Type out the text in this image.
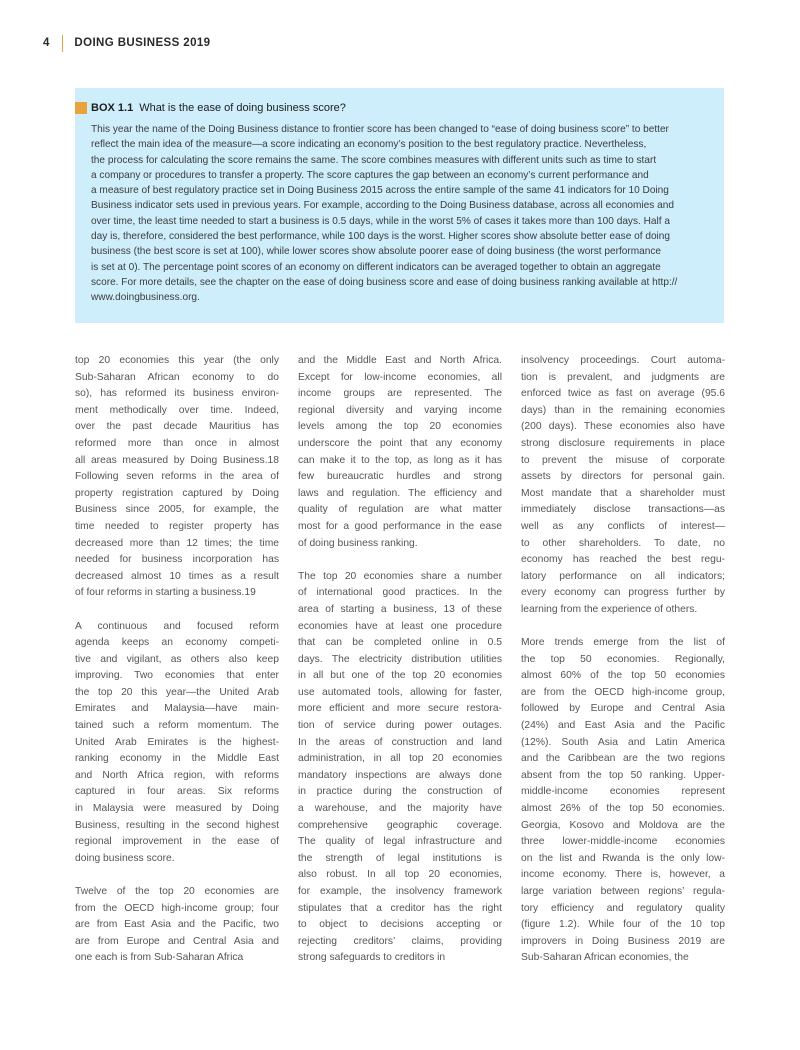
4 DOING BUSINESS 2019
BOX 1.1 What is the ease of doing business score?
This year the name of the Doing Business distance to frontier score has been changed to “ease of doing business score” to better
reflect the main idea of the measure—a score indicating an economy’s position to the best regulatory practice. Nevertheless,
the process for calculating the score remains the same. The score combines measures with different units such as time to start
a company or procedures to transfer a property. The score captures the gap between an economy’s current performance and
a measure of best regulatory practice set in Doing Business 2015 across the entire sample of the same 41 indicators for 10 Doing
Business indicator sets used in previous years. For example, according to the Doing Business database, across all economies and
over time, the least time needed to start a business is 0.5 days, while in the worst 5% of cases it takes more than 100 days. Half a
day is, therefore, considered the best performance, while 100 days is the worst. Higher scores show absolute better ease of doing
business (the best score is set at 100), while lower scores show absolute poorer ease of doing business (the worst performance
is set at 0). The percentage point scores of an economy on different indicators can be averaged together to obtain an aggregate
score. For more details, see the chapter on the ease of doing business score and ease of doing business ranking available at http://
www.doingbusiness.org.
top 20 economies this year (the only
Sub-Saharan African economy to do
so), has reformed its business environ-
ment methodically over time. Indeed,
over the past decade Mauritius has
reformed more than once in almost
all areas measured by Doing Business.18
Following seven reforms in the area of
property registration captured by Doing
Business since 2005, for example, the
time needed to register property has
decreased more than 12 times; the time
needed for business incorporation has
decreased almost 10 times as a result
of four reforms in starting a business.19
A continuous and focused reform
agenda keeps an economy competi-
tive and vigilant, as others also keep
improving. Two economies that enter
the top 20 this year—the United Arab
Emirates and Malaysia—have main-
tained such a reform momentum. The
United Arab Emirates is the highest-
ranking economy in the Middle East
and North Africa region, with reforms
captured in four areas. Six reforms
in Malaysia were measured by Doing
Business, resulting in the second highest
regional improvement in the ease of
doing business score.
Twelve of the top 20 economies are
from the OECD high-income group; four
are from East Asia and the Pacific, two
are from Europe and Central Asia and
one each is from Sub-Saharan Africa
and the Middle East and North Africa.
Except for low-income economies, all
income groups are represented. The
regional diversity and varying income
levels among the top 20 economies
underscore the point that any economy
can make it to the top, as long as it has
few bureaucratic hurdles and strong
laws and regulation. The efficiency and
quality of regulation are what matter
most for a good performance in the ease
of doing business ranking.
The top 20 economies share a number
of international good practices. In the
area of starting a business, 13 of these
economies have at least one procedure
that can be completed online in 0.5
days. The electricity distribution utilities
in all but one of the top 20 economies
use automated tools, allowing for faster,
more efficient and more secure restora-
tion of service during power outages.
In the areas of construction and land
administration, in all top 20 economies
mandatory inspections are always done
in practice during the construction of
a warehouse, and the majority have
comprehensive geographic coverage.
The quality of legal infrastructure and
the strength of legal institutions is
also robust. In all top 20 economies,
for example, the insolvency framework
stipulates that a creditor has the right
to object to decisions accepting or
rejecting creditors’ claims, providing
strong safeguards to creditors in
insolvency proceedings. Court automa-
tion is prevalent, and judgments are
enforced twice as fast on average (95.6
days) than in the remaining economies
(200 days). These economies also have
strong disclosure requirements in place
to prevent the misuse of corporate
assets by directors for personal gain.
Most mandate that a shareholder must
immediately disclose transactions—as
well as any conflicts of interest—
to other shareholders. To date, no
economy has reached the best regu-
latory performance on all indicators;
every economy can progress further by
learning from the experience of others.
More trends emerge from the list of
the top 50 economies. Regionally,
almost 60% of the top 50 economies
are from the OECD high-income group,
followed by Europe and Central Asia
(24%) and East Asia and the Pacific
(12%). South Asia and Latin America
and the Caribbean are the two regions
absent from the top 50 ranking. Upper-
middle-income economies represent
almost 26% of the top 50 economies.
Georgia, Kosovo and Moldova are the
three lower-middle-income economies
on the list and Rwanda is the only low-
income economy. There is, however, a
large variation between regions’ regula-
tory efficiency and regulatory quality
(figure 1.2). While four of the 10 top
improvers in Doing Business 2019 are
Sub-Saharan African economies, the
